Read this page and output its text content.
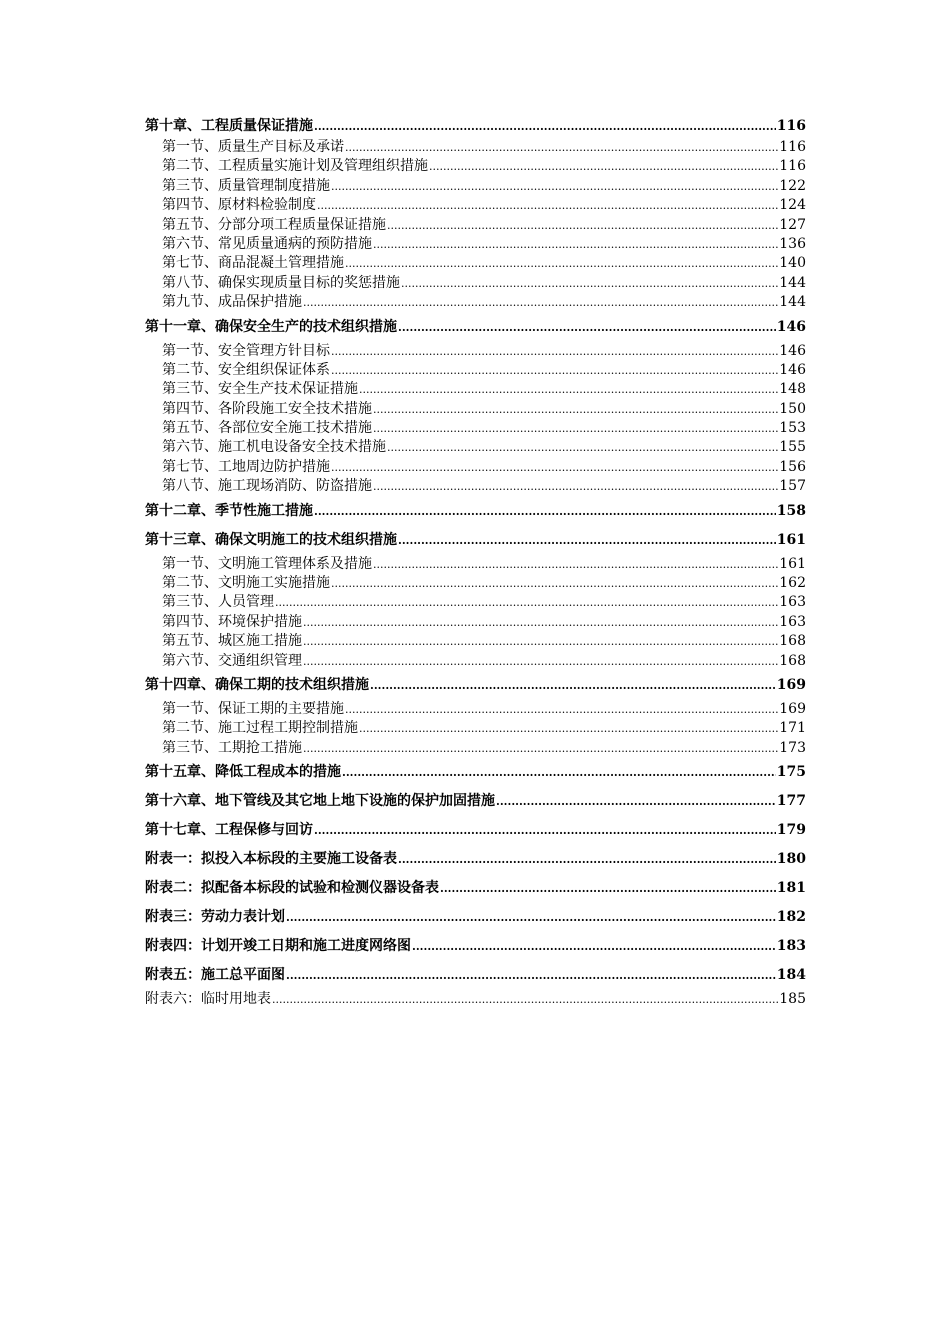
第十章、工程质量保证措施 .....	116
第一节、质量生产目标及承诺 .....	116
第二节、工程质量实施计划及管理组织措施 .....	116
第三节、质量管理制度措施 .....	122
第四节、原材料检验制度 .....	124
第五节、分部分项工程质量保证措施 .....	127
第六节、常见质量通病的预防措施 .....	136
第七节、商品混凝土管理措施 .....	140
第八节、确保实现质量目标的奖惩措施 .....	144
第九节、成品保护措施 .....	144
第十一章、确保安全生产的技术组织措施 .....	146
第一节、安全管理方针目标 .....	146
第二节、安全组织保证体系 .....	146
第三节、安全生产技术保证措施 .....	148
第四节、各阶段施工安全技术措施 .....	150
第五节、各部位安全施工技术措施 .....	153
第六节、施工机电设备安全技术措施 .....	155
第七节、工地周边防护措施 .....	156
第八节、施工现场消防、防盗措施 .....	157
第十二章、季节性施工措施 .....	158
第十三章、确保文明施工的技术组织措施 .....	161
第一节、文明施工管理体系及措施 .....	161
第二节、文明施工实施措施 .....	162
第三节、人员管理 .....	163
第四节、环境保护措施 .....	163
第五节、城区施工措施 .....	168
第六节、交通组织管理 .....	168
第十四章、确保工期的技术组织措施 .....	169
第一节、保证工期的主要措施 .....	169
第二节、施工过程工期控制措施 .....	171
第三节、工期抢工措施 .....	173
第十五章、降低工程成本的措施 .....	175
第十六章、地下管线及其它地上地下设施的保护加固措施 .....	177
第十七章、工程保修与回访 .....	179
附表一：拟投入本标段的主要施工设备表 .....	180
附表二：拟配备本标段的试验和检测仪器设备表 .....	181
附表三：劳动力表计划 .....	182
附表四：计划开竣工日期和施工进度网络图 .....	183
附表五：施工总平面图 .....	184
附表六：临时用地表 .....	185
